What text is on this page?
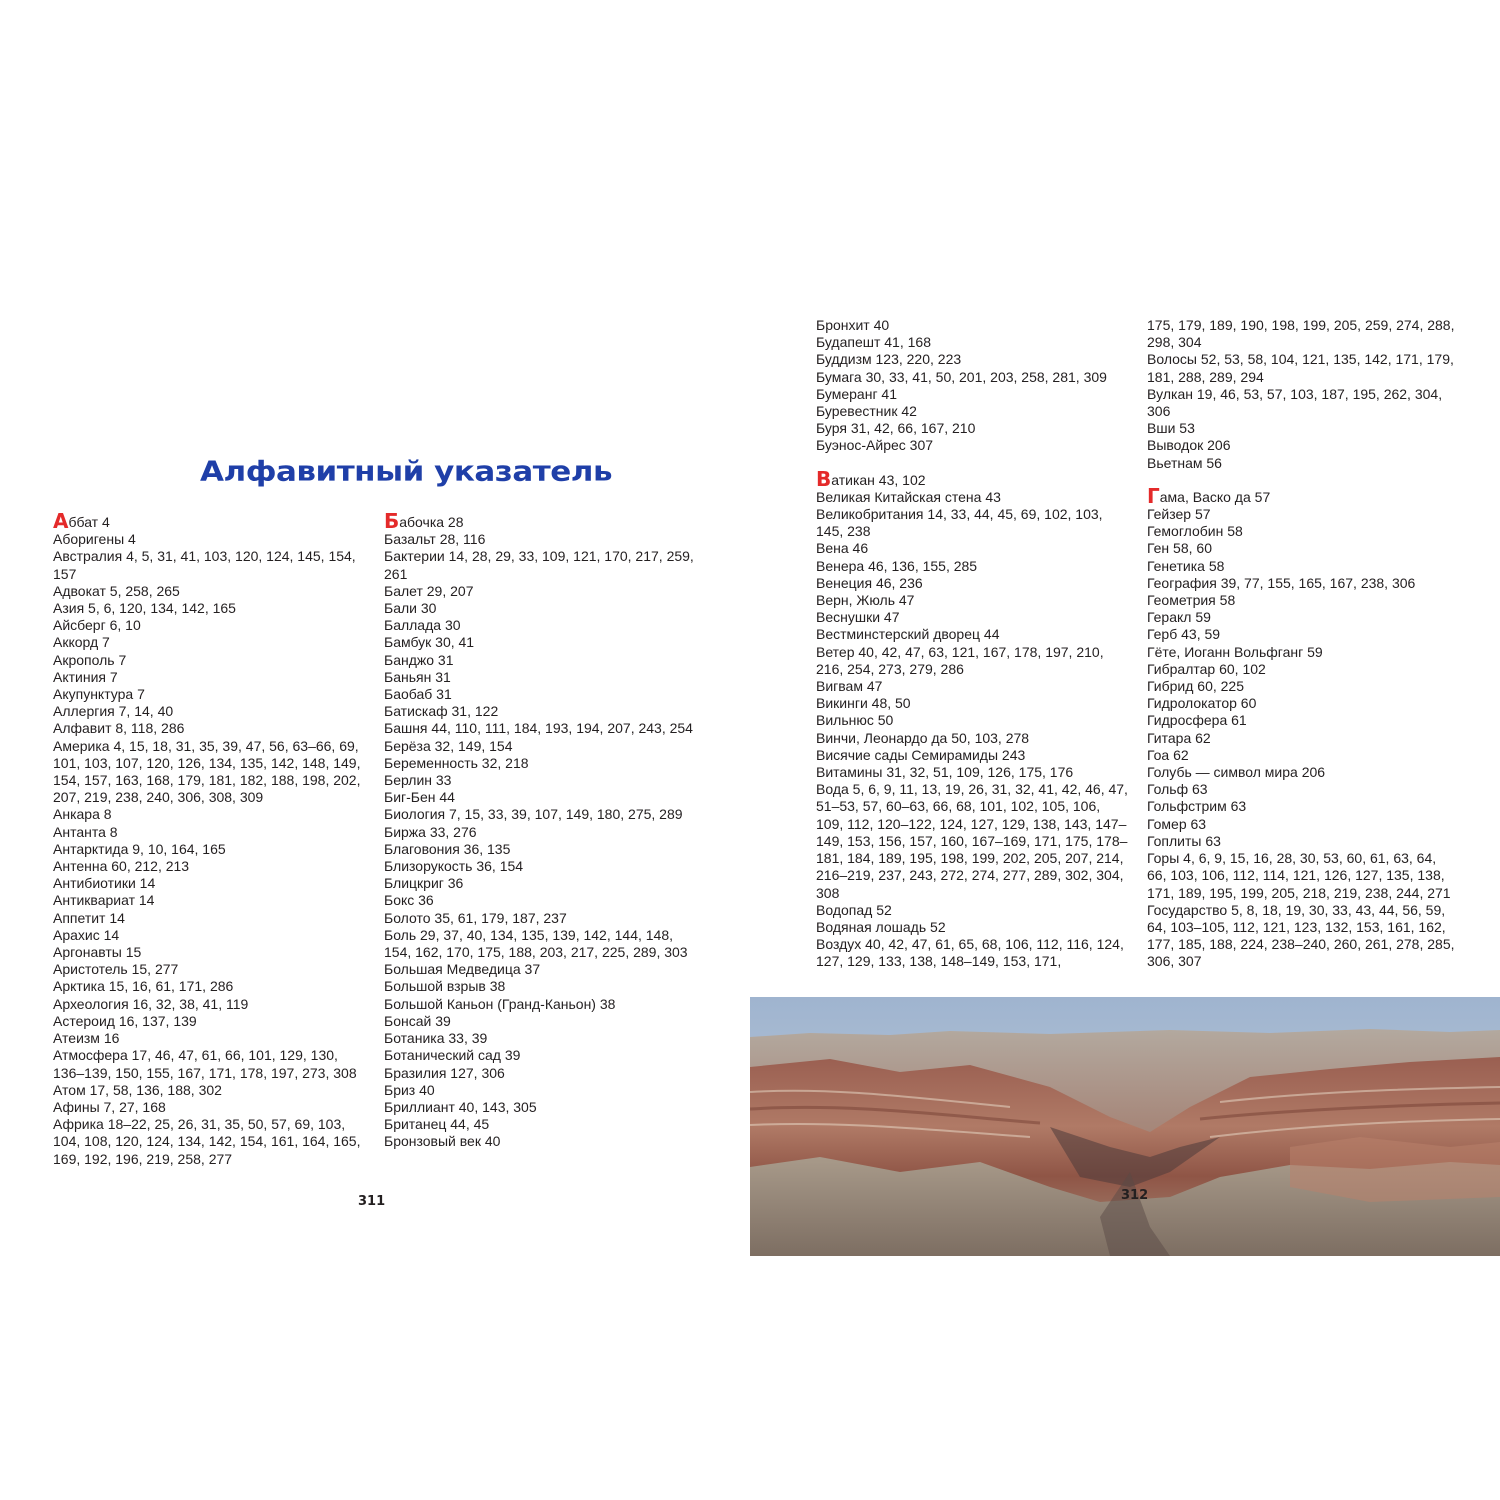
Алфавитный указатель
Аббат 4
Аборигены 4
Австралия 4, 5, 31, 41, 103, 120, 124, 145, 154, 157
Адвокат 5, 258, 265
Азия 5, 6, 120, 134, 142, 165
Айсберг 6, 10
Аккорд 7
Акрополь 7
Актиния 7
Акупунктура 7
Аллергия 7, 14, 40
Алфавит 8, 118, 286
Америка 4, 15, 18, 31, 35, 39, 47, 56, 63–66, 69, 101, 103, 107, 120, 126, 134, 135, 142, 148, 149, 154, 157, 163, 168, 179, 181, 182, 188, 198, 202, 207, 219, 238, 240, 306, 308, 309
Анкара 8
Антанта 8
Антарктида 9, 10, 164, 165
Антенна 60, 212, 213
Антибиотики 14
Антиквариат 14
Аппетит 14
Арахис 14
Аргонавты 15
Аристотель 15, 277
Арктика 15, 16, 61, 171, 286
Археология 16, 32, 38, 41, 119
Астероид 16, 137, 139
Атеизм 16
Атмосфера 17, 46, 47, 61, 66, 101, 129, 130, 136–139, 150, 155, 167, 171, 178, 197, 273, 308
Атом 17, 58, 136, 188, 302
Афины 7, 27, 168
Африка 18–22, 25, 26, 31, 35, 50, 57, 69, 103, 104, 108, 120, 124, 134, 142, 154, 161, 164, 165, 169, 192, 196, 219, 258, 277
Бабочка 28
Базальт 28, 116
Бактерии 14, 28, 29, 33, 109, 121, 170, 217, 259, 261
Балет 29, 207
Бали 30
Баллада 30
Бамбук 30, 41
Банджо 31
Баньян 31
Баобаб 31
Батискаф 31, 122
Башня 44, 110, 111, 184, 193, 194, 207, 243, 254
Берёза 32, 149, 154
Беременность 32, 218
Берлин 33
Биг-Бен 44
Биология 7, 15, 33, 39, 107, 149, 180, 275, 289
Биржа 33, 276
Благовония 36, 135
Близорукость 36, 154
Блицкриг 36
Бокс 36
Болото 35, 61, 179, 187, 237
Боль 29, 37, 40, 134, 135, 139, 142, 144, 148, 154, 162, 170, 175, 188, 203, 217, 225, 289, 303
Большая Медведица 37
Большой взрыв 38
Большой Каньон (Гранд-Каньон) 38
Бонсай 39
Ботаника 33, 39
Ботанический сад 39
Бразилия 127, 306
Бриз 40
Бриллиант 40, 143, 305
Британец 44, 45
Бронзовый век 40
Бронхит 40
Будапешт 41, 168
Буддизм 123, 220, 223
Бумага 30, 33, 41, 50, 201, 203, 258, 281, 309
Бумеранг 41
Буревестник 42
Буря 31, 42, 66, 167, 210
Буэнос-Айрес 307
Ватикан 43, 102
Великая Китайская стена 43
Великобритания 14, 33, 44, 45, 69, 102, 103, 145, 238
Вена 46
Венера 46, 136, 155, 285
Венеция 46, 236
Верн, Жюль 47
Веснушки 47
Вестминстерский дворец 44
Ветер 40, 42, 47, 63, 121, 167, 178, 197, 210, 216, 254, 273, 279, 286
Вигвам 47
Викинги 48, 50
Вильнюс 50
Винчи, Леонардо да 50, 103, 278
Висячие сады Семирамиды 243
Витамины 31, 32, 51, 109, 126, 175, 176
Вода 5, 6, 9, 11, 13, 19, 26, 31, 32, 41, 42, 46, 47, 51–53, 57, 60–63, 66, 68, 101, 102, 105, 106, 109, 112, 120–122, 124, 127, 129, 138, 143, 147–149, 153, 156, 157, 160, 167–169, 171, 175, 178–181, 184, 189, 195, 198, 199, 202, 205, 207, 214, 216–219, 237, 243, 272, 274, 277, 289, 302, 304, 308
Водопад 52
Водяная лошадь 52
Воздух 40, 42, 47, 61, 65, 68, 106, 112, 116, 124, 127, 129, 133, 138, 148–149, 153, 171,
175, 179, 189, 190, 198, 199, 205, 259, 274, 288, 298, 304
Волосы 52, 53, 58, 104, 121, 135, 142, 171, 179, 181, 288, 289, 294
Вулкан 19, 46, 53, 57, 103, 187, 195, 262, 304, 306
Вши 53
Выводок 206
Вьетнам 56
Гама, Васко да 57
Гейзер 57
Гемоглобин 58
Ген 58, 60
Генетика 58
География 39, 77, 155, 165, 167, 238, 306
Геометрия 58
Геракл 59
Герб 43, 59
Гёте, Иоганн Вольфганг 59
Гибралтар 60, 102
Гибрид 60, 225
Гидролокатор 60
Гидросфера 61
Гитара 62
Гоа 62
Голубь — символ мира 206
Гольф 63
Гольфстрим 63
Гомер 63
Гоплиты 63
Горы 4, 6, 9, 15, 16, 28, 30, 53, 60, 61, 63, 64, 66, 103, 106, 112, 114, 121, 126, 127, 135, 138, 171, 189, 195, 199, 205, 218, 219, 238, 244, 271
Государство 5, 8, 18, 19, 30, 33, 43, 44, 56, 59, 64, 103–105, 112, 121, 123, 132, 153, 161, 162, 177, 185, 188, 224, 238–240, 260, 261, 278, 285, 306, 307
311	312
